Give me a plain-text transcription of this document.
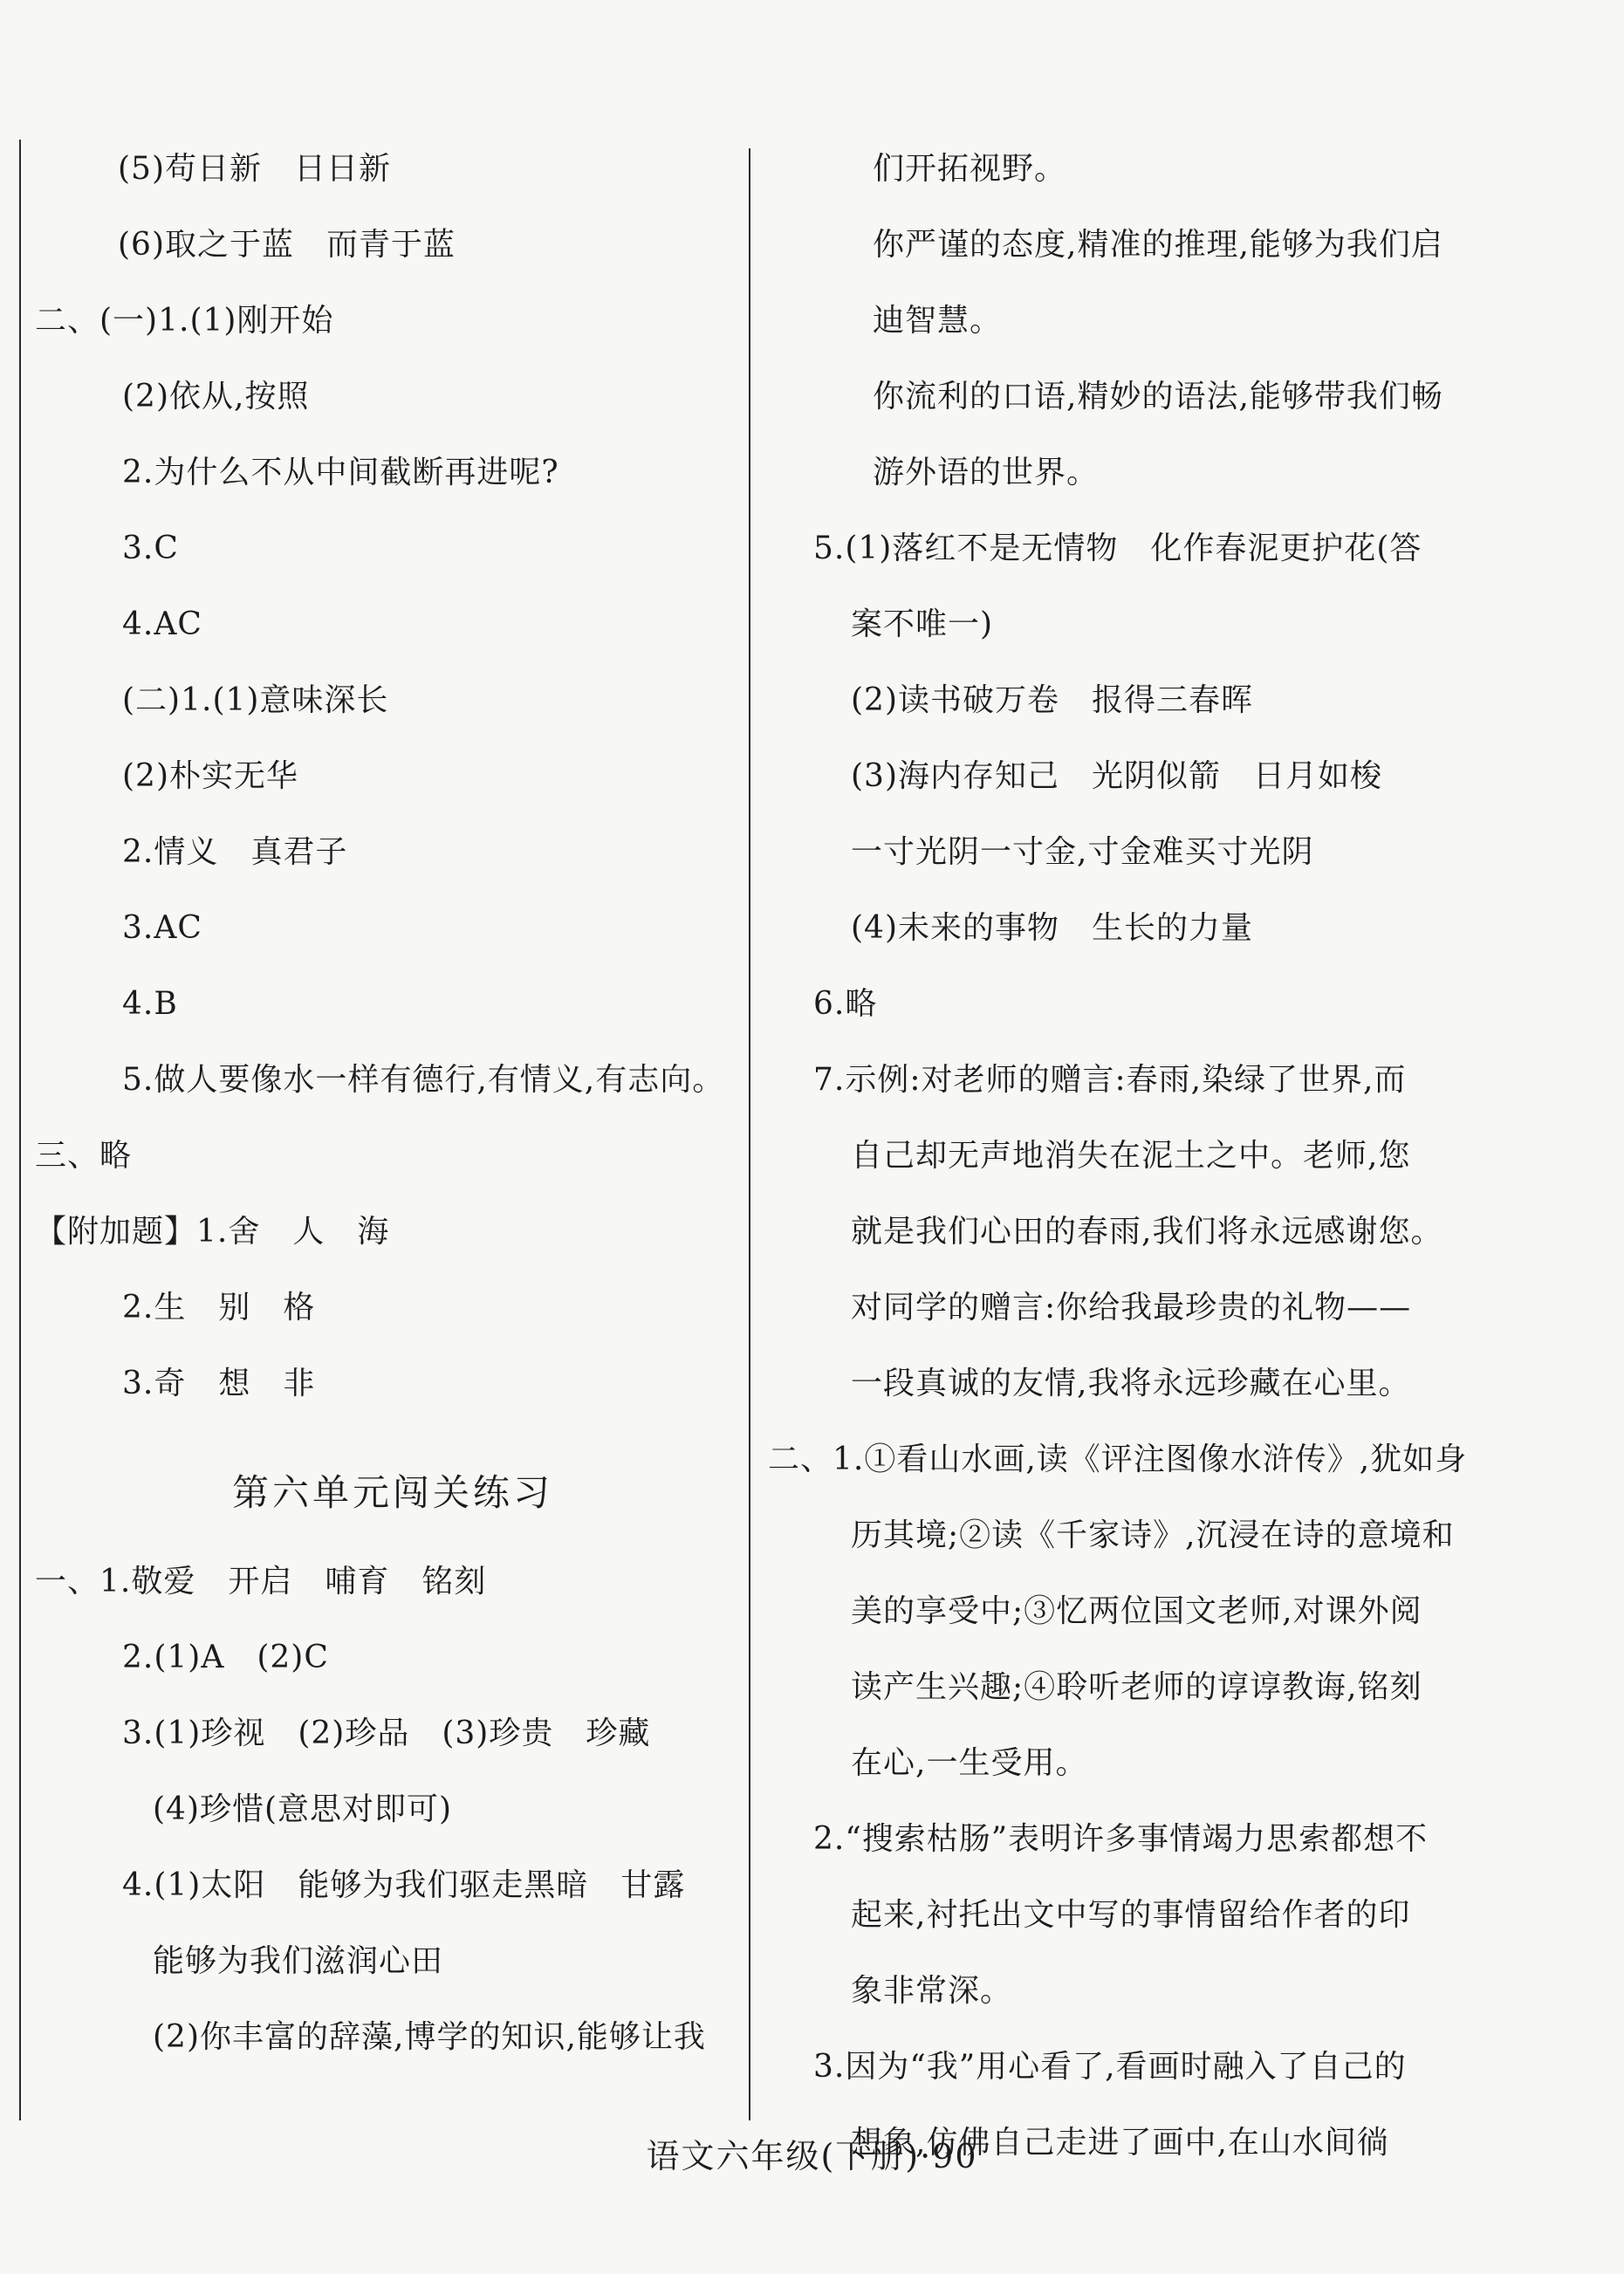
(5)苟日新　日日新
(6)取之于蓝　而青于蓝
二、(一)1.(1)刚开始
(2)依从,按照
2.为什么不从中间截断再进呢?
3.C
4.AC
(二)1.(1)意味深长
(2)朴实无华
2.情义　真君子
3.AC
4.B
5.做人要像水一样有德行,有情义,有志向。
三、略
【附加题】1.舍　人　海
2.生　别　格
3.奇　想　非
第六单元闯关练习
一、1.敬爱　开启　哺育　铭刻
2.(1)A　(2)C
3.(1)珍视　(2)珍品　(3)珍贵　珍藏
(4)珍惜(意思对即可)
4.(1)太阳　能够为我们驱走黑暗　甘露
能够为我们滋润心田
(2)你丰富的辞藻,博学的知识,能够让我
们开拓视野。
你严谨的态度,精准的推理,能够为我们启
迪智慧。
你流利的口语,精妙的语法,能够带我们畅
游外语的世界。
5.(1)落红不是无情物　化作春泥更护花(答
案不唯一)
(2)读书破万卷　报得三春晖
(3)海内存知己　光阴似箭　日月如梭
一寸光阴一寸金,寸金难买寸光阴
(4)未来的事物　生长的力量
6.略
7.示例:对老师的赠言:春雨,染绿了世界,而
自己却无声地消失在泥土之中。老师,您
就是我们心田的春雨,我们将永远感谢您。
对同学的赠言:你给我最珍贵的礼物——
一段真诚的友情,我将永远珍藏在心里。
二、1.①看山水画,读《评注图像水浒传》,犹如身
历其境;②读《千家诗》,沉浸在诗的意境和
美的享受中;③忆两位国文老师,对课外阅
读产生兴趣;④聆听老师的谆谆教诲,铭刻
在心,一生受用。
2.“搜索枯肠”表明许多事情竭力思索都想不
起来,衬托出文中写的事情留给作者的印
象非常深。
3.因为“我”用心看了,看画时融入了自己的
想象,仿佛自己走进了画中,在山水间徜
语文六年级(下册)·90
